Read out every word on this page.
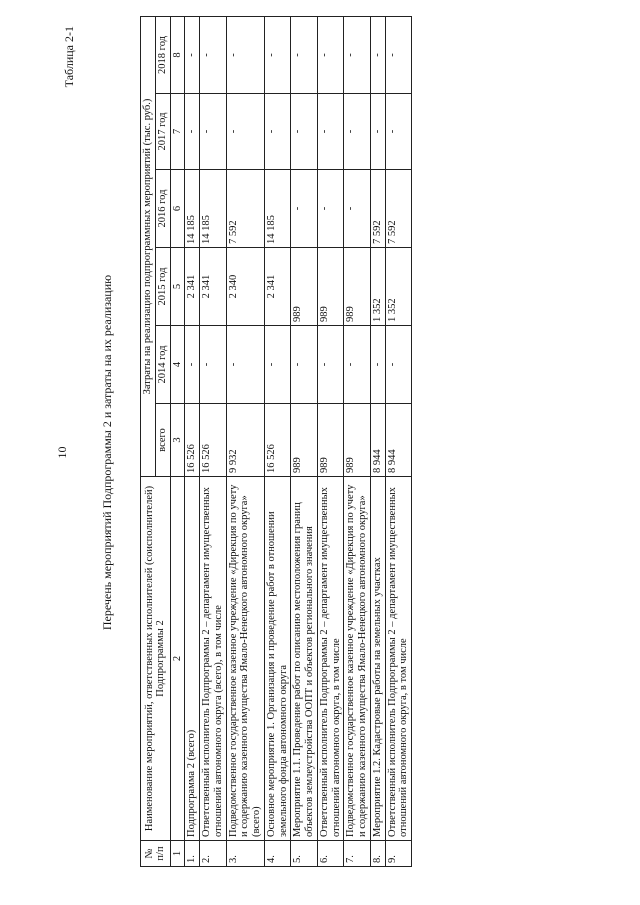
10
Таблица 2-1
Перечень мероприятий Подпрограммы 2 и затраты на их реализацию
№ п/п	Наименование мероприятий, ответственных исполнителей (соисполнителей) Подпрограммы 2	Затраты на реализацию подпрограммных мероприятий (тыс. руб.)					
		всего	2014 год	2015 год	2016 год	2017 год	2018 год
1	2	3	4	5	6	7	8
1.	Подпрограмма 2 (всего)	16 526	-	2 341	14 185	-	-
2.	Ответственный исполнитель Подпрограммы 2 – департамент имущественных отношений автономного округа (всего), в том числе	16 526	-	2 341	14 185	-	-
3.	Подведомственное государственное казенное учреждение «Дирекция по учету и содержанию казенного имущества Ямало-Ненецкого автономного округа» (всего)	9 932	-	2 340	7 592	-	-
4.	Основное мероприятие 1. Организация и проведение работ в отношении земельного фонда автономного округа	16 526	-	2 341	14 185	-	-
5.	Мероприятие 1.1. Проведение работ по описанию местоположения границ объектов землеустройства ООПТ и объектов регионального значения	989	-	989	-	-	-
6.	Ответственный исполнитель Подпрограммы 2 – департамент имущественных отношений автономного округа, в том числе	989	-	989	-	-	-
7.	Подведомственное государственное казенное учреждение «Дирекция по учету и содержанию казенного имущества Ямало-Ненецкого автономного округа»	989	-	989	-	-	-
8.	Мероприятие 1.2. Кадастровые работы на земельных участках	8 944	-	1 352	7 592	-	-
9.	Ответственный исполнитель Подпрограммы 2 – департамент имущественных отношений автономного округа, в том числе	8 944	-	1 352	7 592	-	-
